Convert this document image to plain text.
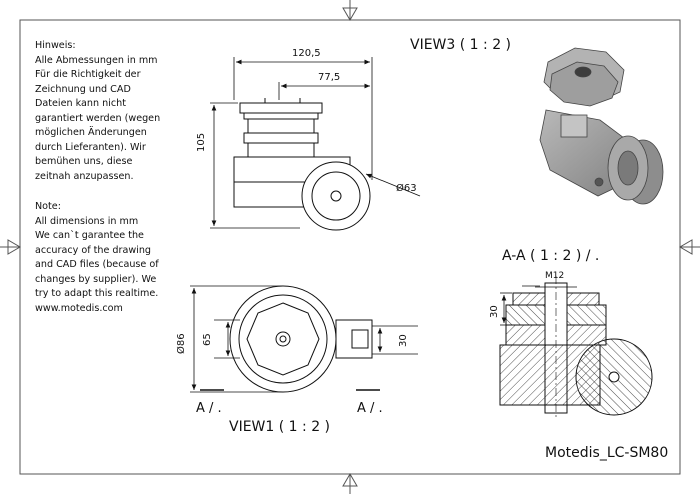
Hinweis:
Alle Abmessungen in mm
Für die Richtigkeit der
Zeichnung und CAD
Dateien kann nicht
garantiert werden (wegen
möglichen Änderungen
durch Lieferanten). Wir
bemühen uns, diese
zeitnah anzupassen.
Note:
All dimensions in mm
We can`t garantee the
accuracy of the drawing
and CAD files (because of
changes by supplier). We
try to adapt this realtime.
www.motedis.com
VIEW3 ( 1 : 2 )
VIEW1 ( 1 : 2 )
A-A ( 1 : 2 ) / .
A / .	A / .
120,5
77,5
105
Ø63
Ø86 65	30
30
M12
Motedis_LC-SM80
